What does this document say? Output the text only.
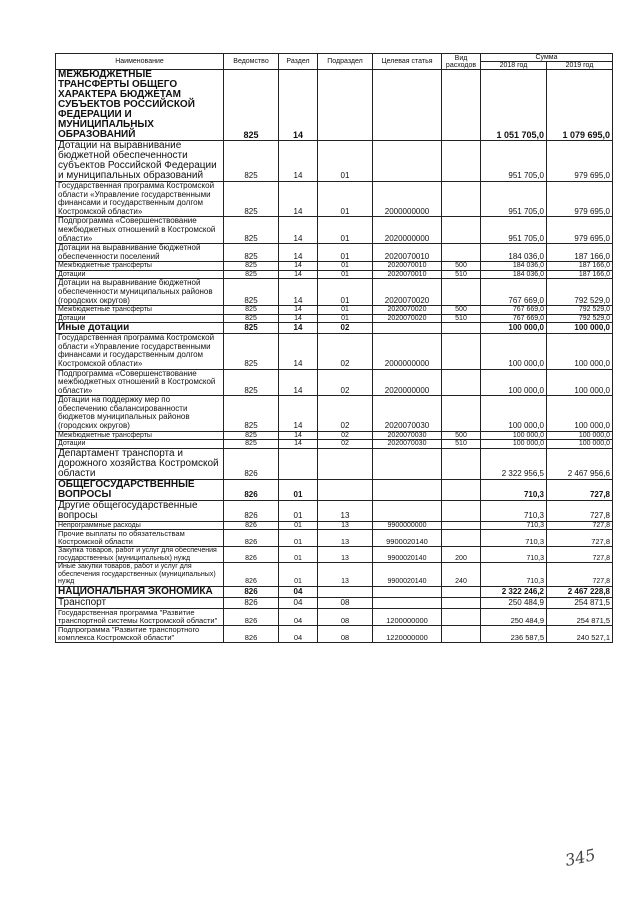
Наименование	Ведомство	Раздел	Подраздел	Целевая статья	Вид расходов	Сумма	
						2018 год	2019 год
МЕЖБЮДЖЕТНЫЕ ТРАНСФЕРТЫ ОБЩЕГО ХАРАКТЕРА БЮДЖЕТАМ СУБЪЕКТОВ РОССИЙСКОЙ ФЕДЕРАЦИИ И МУНИЦИПАЛЬНЫХ ОБРАЗОВАНИЙ	825	14				1 051 705,0	1 079 695,0
Дотации на выравнивание бюджетной обеспеченности субъектов Российской Федерации и муниципальных образований	825	14	01			951 705,0	979 695,0
Государственная программа Костромской области «Управление государственными финансами и государственным долгом Костромской области»	825	14	01	2000000000		951 705,0	979 695,0
Подпрограмма «Совершенствование межбюджетных отношений в Костромской области»	825	14	01	2020000000		951 705,0	979 695,0
Дотации на выравнивание бюджетной обеспеченности поселений	825	14	01	2020070010		184 036,0	187 166,0
Межбюджетные трансферты	825	14	01	2020070010	500	184 036,0	187 166,0
Дотации	825	14	01	2020070010	510	184 036,0	187 166,0
Дотации на выравнивание бюджетной обеспеченности муниципальных районов (городских округов)	825	14	01	2020070020		767 669,0	792 529,0
Межбюджетные трансферты	825	14	01	2020070020	500	767 669,0	792 529,0
Дотации	825	14	01	2020070020	510	767 669,0	792 529,0
Иные дотации	825	14	02			100 000,0	100 000,0
Государственная программа Костромской области «Управление государственными финансами и государственным долгом Костромской области»	825	14	02	2000000000		100 000,0	100 000,0
Подпрограмма «Совершенствование межбюджетных отношений в Костромской области»	825	14	02	2020000000		100 000,0	100 000,0
Дотации на поддержку мер по обеспечению сбалансированности бюджетов муниципальных районов (городских округов)	825	14	02	2020070030		100 000,0	100 000,0
Межбюджетные трансферты	825	14	02	2020070030	500	100 000,0	100 000,0
Дотации	825	14	02	2020070030	510	100 000,0	100 000,0
Департамент транспорта и дорожного хозяйства Костромской области	826					2 322 956,5	2 467 956,6
ОБЩЕГОСУДАРСТВЕННЫЕ ВОПРОСЫ	826	01				710,3	727,8
Другие общегосударственные вопросы	826	01	13			710,3	727,8
Непрограммные расходы	826	01	13	9900000000		710,3	727,8
Прочие выплаты по обязательствам Костромской области	826	01	13	9900020140		710,3	727,8
Закупка товаров, работ и услуг для обеспечения государственных (муниципальных) нужд	826	01	13	9900020140	200	710,3	727,8
Иные закупки товаров, работ и услуг для обеспечения государственных (муниципальных) нужд	826	01	13	9900020140	240	710,3	727,8
НАЦИОНАЛЬНАЯ ЭКОНОМИКА	826	04				2 322 246,2	2 467 228,8
Транспорт	826	04	08			250 484,9	254 871,5
Государственная программа "Развитие транспортной системы Костромской области"	826	04	08	1200000000		250 484,9	254 871,5
Подпрограмма "Развитие транспортного комплекса Костромской области"	826	04	08	1220000000		236 587,5	240 527,1
345
